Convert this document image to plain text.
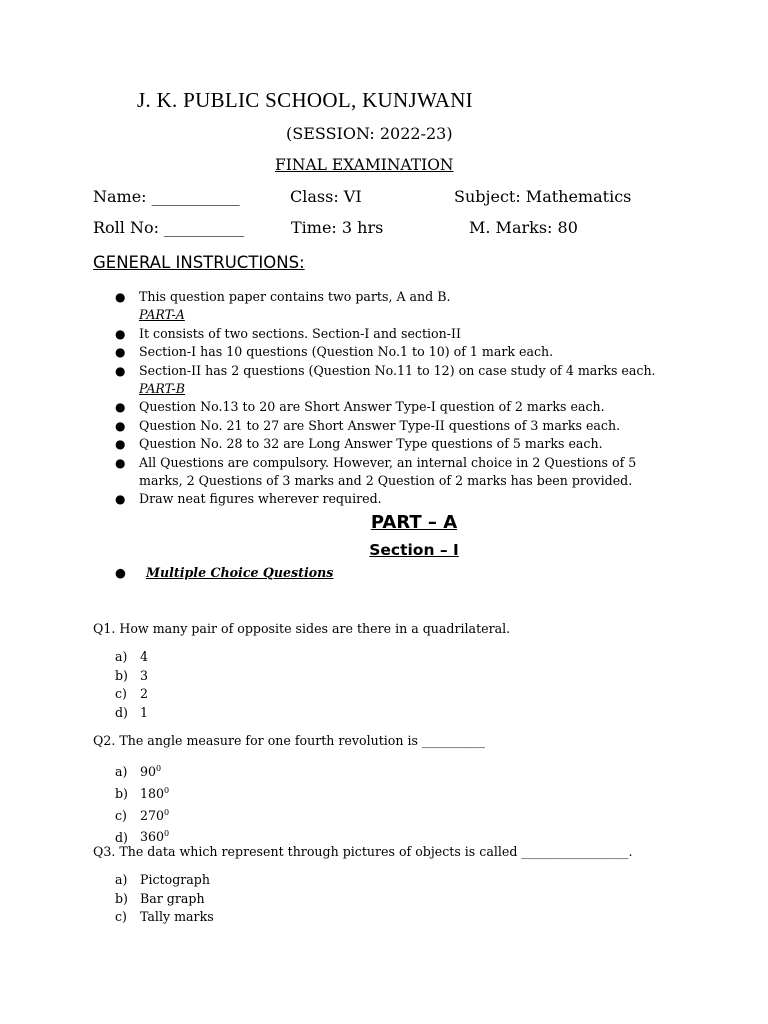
J. K. PUBLIC SCHOOL, KUNJWANI
(SESSION: 2022-23)
FINAL EXAMINATION
Name: ___________	Class: VI	Subject: Mathematics
Roll No: __________	Time: 3 hrs	M. Marks: 80
GENERAL INSTRUCTIONS:
● This question paper contains two parts, A and B.
PART-A
● It consists of two sections. Section-I and section-II
● Section-I has 10 questions (Question No.1 to 10) of 1 mark each.
● Section-II has 2 questions (Question No.11 to 12) on case study of 4 marks each.
PART-B
● Question No.13 to 20 are Short Answer Type-I question of 2 marks each.
● Question No. 21 to 27 are Short Answer Type-II questions of 3 marks each.
● Question No. 28 to 32 are Long Answer Type questions of 5 marks each.
● All Questions are compulsory. However, an internal choice in 2 Questions of 5
marks, 2 Questions of 3 marks and 2 Question of 2 marks has been provided.
● Draw neat figures wherever required.
PART – A
Section – I
● Multiple Choice Questions
Q1. How many pair of opposite sides are there in a quadrilateral.
a) 4
b) 3
c) 2
d) 1
Q2. The angle measure for one fourth revolution is __________
a) $90^0$
b) $180^0$
c) $270^0$
d) $360^0$
Q3. The data which represent through pictures of objects is called _________________.
a) Pictograph
b) Bar graph
c) Tally marks
